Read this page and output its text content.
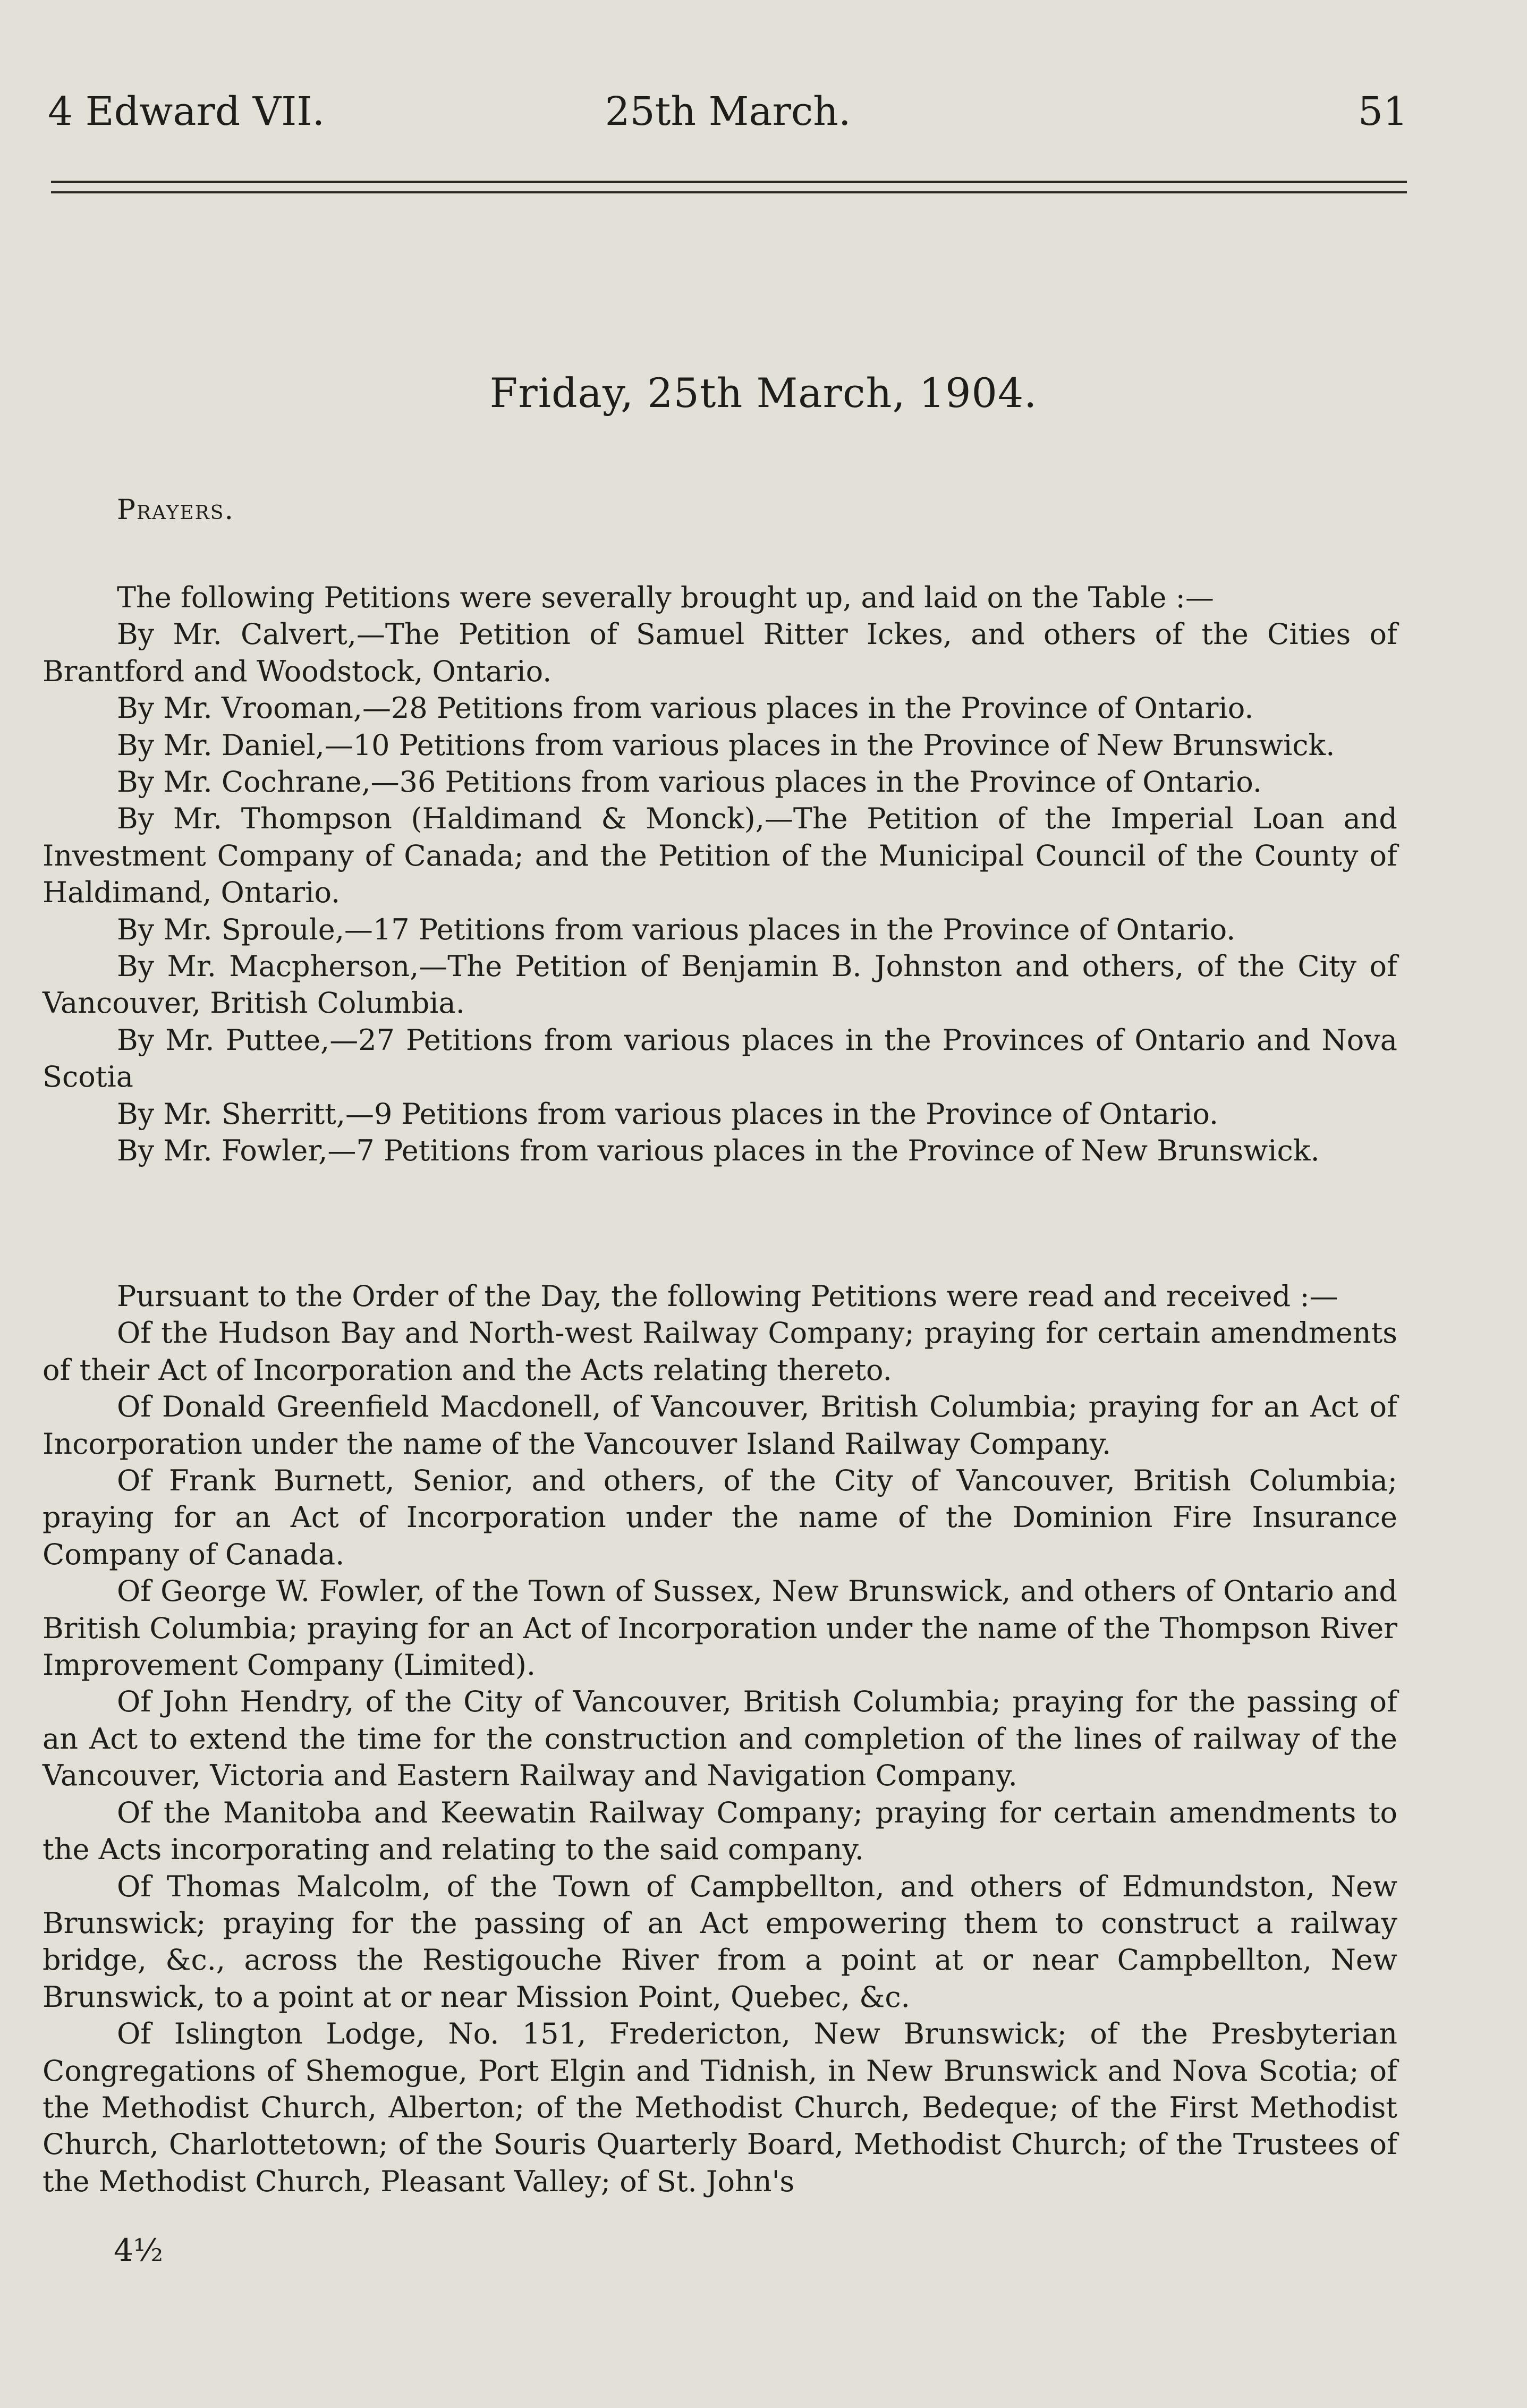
4 Edward VII.	25th March.	51
Friday, 25th March, 1904.
Prayers.

The following Petitions were severally brought up, and laid on the Table :—

By Mr. Calvert,—The Petition of Samuel Ritter Ickes, and others of the Cities of Brantford and Woodstock, Ontario.

By Mr. Vrooman,—28 Petitions from various places in the Province of Ontario.

By Mr. Daniel,—10 Petitions from various places in the Province of New Brunswick.

By Mr. Cochrane,—36 Petitions from various places in the Province of Ontario.

By Mr. Thompson (Haldimand & Monck),—The Petition of the Imperial Loan and Investment Company of Canada; and the Petition of the Municipal Council of the County of Haldimand, Ontario.

By Mr. Sproule,—17 Petitions from various places in the Province of Ontario.

By Mr. Macpherson,—The Petition of Benjamin B. Johnston and others, of the City of Vancouver, British Columbia.

By Mr. Puttee,—27 Petitions from various places in the Provinces of Ontario and Nova Scotia

By Mr. Sherritt,—9 Petitions from various places in the Province of Ontario.

By Mr. Fowler,—7 Petitions from various places in the Province of New Brunswick.

Pursuant to the Order of the Day, the following Petitions were read and received :—

Of the Hudson Bay and North-west Railway Company; praying for certain amendments of their Act of Incorporation and the Acts relating thereto.

Of Donald Greenfield Macdonell, of Vancouver, British Columbia; praying for an Act of Incorporation under the name of the Vancouver Island Railway Company.

Of Frank Burnett, Senior, and others, of the City of Vancouver, British Columbia; praying for an Act of Incorporation under the name of the Dominion Fire Insurance Company of Canada.

Of George W. Fowler, of the Town of Sussex, New Brunswick, and others of Ontario and British Columbia; praying for an Act of Incorporation under the name of the Thompson River Improvement Company (Limited).

Of John Hendry, of the City of Vancouver, British Columbia; praying for the passing of an Act to extend the time for the construction and completion of the lines of railway of the Vancouver, Victoria and Eastern Railway and Navigation Company.

Of the Manitoba and Keewatin Railway Company; praying for certain amendments to the Acts incorporating and relating to the said company.

Of Thomas Malcolm, of the Town of Campbellton, and others of Edmundston, New Brunswick; praying for the passing of an Act empowering them to construct a railway bridge, &c., across the Restigouche River from a point at or near Campbellton, New Brunswick, to a point at or near Mission Point, Quebec, &c.

Of Islington Lodge, No. 151, Fredericton, New Brunswick; of the Presbyterian Congregations of Shemogue, Port Elgin and Tidnish, in New Brunswick and Nova Scotia; of the Methodist Church, Alberton; of the Methodist Church, Bedeque; of the First Methodist Church, Charlottetown; of the Souris Quarterly Board, Methodist Church; of the Trustees of the Methodist Church, Pleasant Valley; of St. John's

4½
